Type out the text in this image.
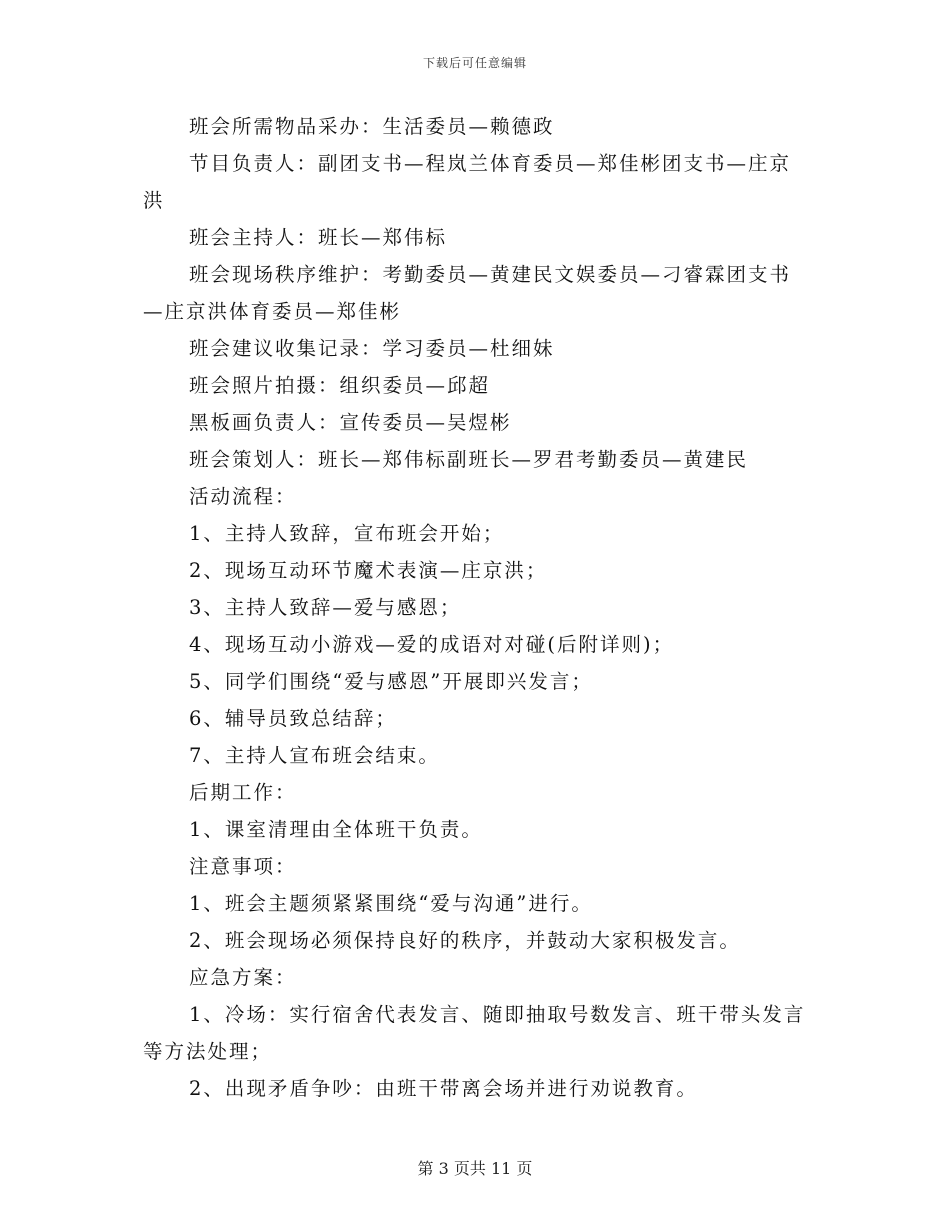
下载后可任意编辑

班会所需物品采办：生活委员—赖德政

节目负责人：副团支书—程岚兰体育委员—郑佳彬团支书—庄京洪

班会主持人：班长—郑伟标

班会现场秩序维护：考勤委员—黄建民文娱委员—刁睿霖团支书—庄京洪体育委员—郑佳彬

班会建议收集记录：学习委员—杜细妹

班会照片拍摄：组织委员—邱超

黑板画负责人：宣传委员—吴煜彬

班会策划人：班长—郑伟标副班长—罗君考勤委员—黄建民

活动流程：

1、主持人致辞，宣布班会开始；

2、现场互动环节魔术表演—庄京洪；

3、主持人致辞—爱与感恩；

4、现场互动小游戏—爱的成语对对碰(后附详则)；

5、同学们围绕“爱与感恩”开展即兴发言；

6、辅导员致总结辞；

7、主持人宣布班会结束。

后期工作：

1、课室清理由全体班干负责。

注意事项：

1、班会主题须紧紧围绕“爱与沟通”进行。

2、班会现场必须保持良好的秩序，并鼓动大家积极发言。

应急方案：

1、冷场：实行宿舍代表发言、随即抽取号数发言、班干带头发言等方法处理；

2、出现矛盾争吵：由班干带离会场并进行劝说教育。

第 3 页共 11 页
